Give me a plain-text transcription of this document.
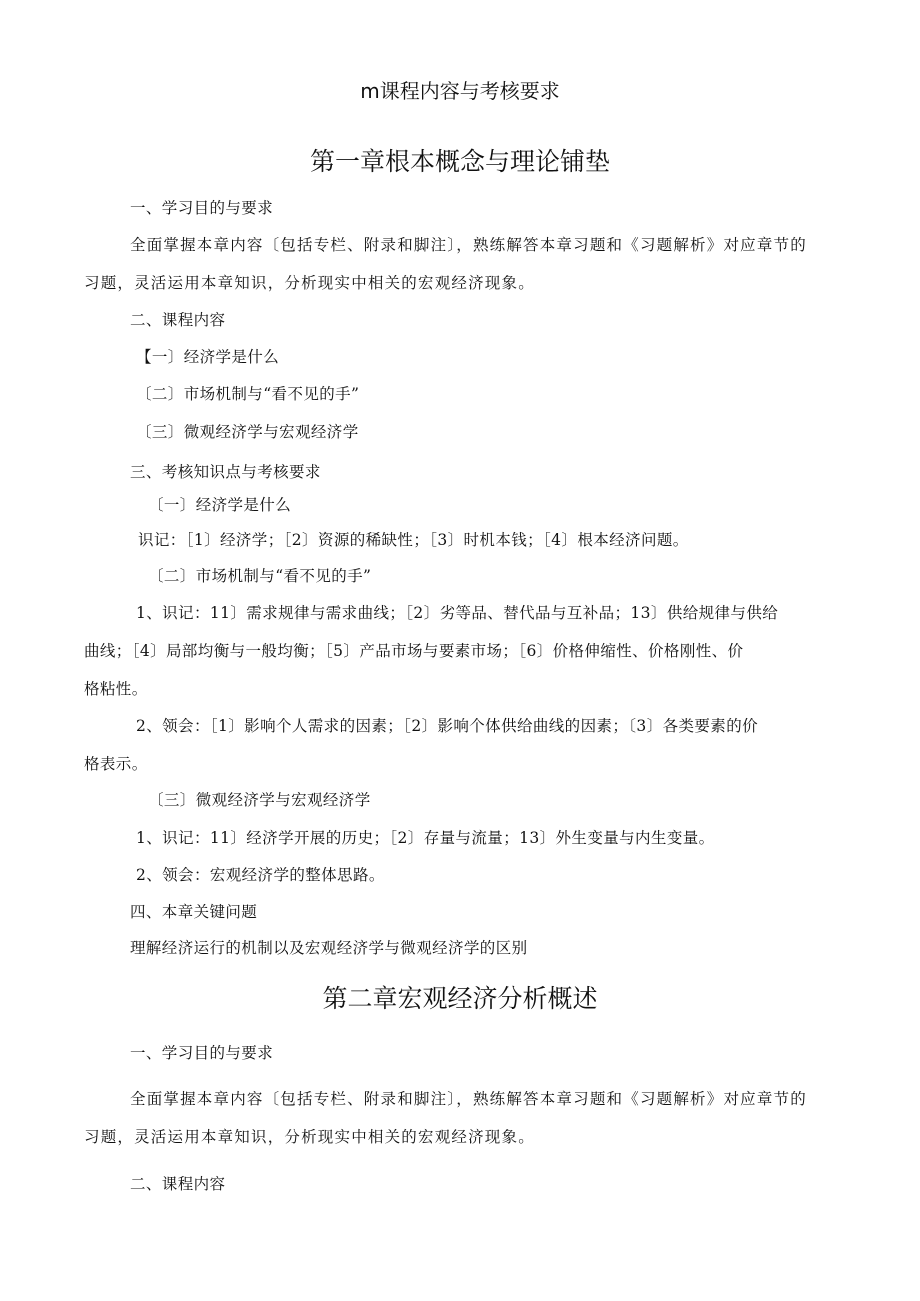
m课程内容与考核要求
第一章根本概念与理论铺垫
一、学习目的与要求
全面掌握本章内容〔包括专栏、附录和脚注〕，熟练解答本章习题和《习题解析》对应章节的
习题，灵活运用本章知识，分析现实中相关的宏观经济现象。
二、课程内容
【一〕经济学是什么
〔二〕市场机制与“看不见的手”
〔三〕微观经济学与宏观经济学
三、考核知识点与考核要求
〔一〕经济学是什么
识记：［1〕经济学；［2〕资源的稀缺性；［3〕时机本钱；［4〕根本经济问题。
〔二〕市场机制与“看不见的手”
1、识记：11〕需求规律与需求曲线；［2〕劣等品、替代品与互补品；13〕供给规律与供给
曲线；［4〕局部均衡与一般均衡；［5〕产品市场与要素市场；［6〕价格伸缩性、价格刚性、价
格粘性。
2、领会：［1〕影响个人需求的因素；［2〕影响个体供给曲线的因素；〔3〕各类要素的价
格表示。
〔三〕微观经济学与宏观经济学
1、识记：11〕经济学开展的历史；［2〕存量与流量；13〕外生变量与内生变量。
2、领会：宏观经济学的整体思路。
四、本章关键问题
理解经济运行的机制以及宏观经济学与微观经济学的区别
第二章宏观经济分析概述
一、学习目的与要求
全面掌握本章内容〔包括专栏、附录和脚注〕，熟练解答本章习题和《习题解析》对应章节的
习题，灵活运用本章知识，分析现实中相关的宏观经济现象。
二、课程内容
